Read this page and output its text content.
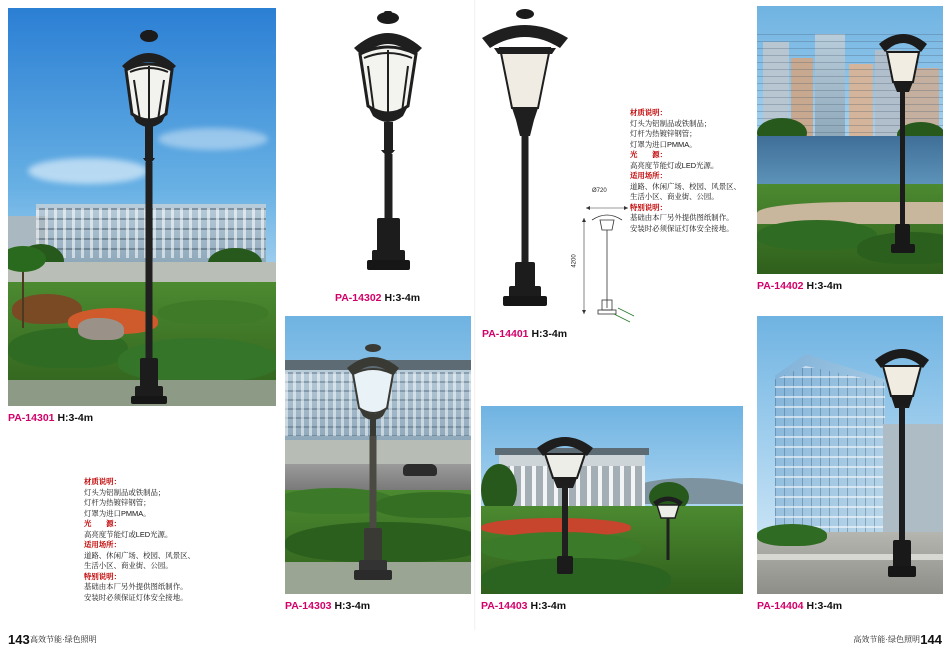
PA-14301 H:3-4m
材质说明：
灯头为铝制品或铁制品；
灯杆为热镀锌钢管；
灯罩为进口PMMA。
光　　源：
高亮度节能灯或LED光源。
适用场所：
道路、休闲广场、校园、风景区、
生活小区、商业街、公园。
特别说明：
基础由本厂另外提供图纸制作。
安装时必须保证灯体安全接地。
PA-14302 H:3-4m
PA-14401 H:3-4m
Ø720
4200
材质说明：
灯头为铝制品或铁制品；
灯杆为热镀锌钢管；
灯罩为进口PMMA。
光　　源：
高亮度节能灯或LED光源。
适用场所：
道路、休闲广场、校园、风景区、
生活小区、商业街、公园。
特别说明：
基础由本厂另外提供图纸制作。
安装时必须保证灯体安全接地。
PA-14402 H:3-4m
PA-14303 H:3-4m	PA-14403 H:3-4m	PA-14404 H:3-4m
143 高效节能·绿色照明	144
高效节能·绿色照明
